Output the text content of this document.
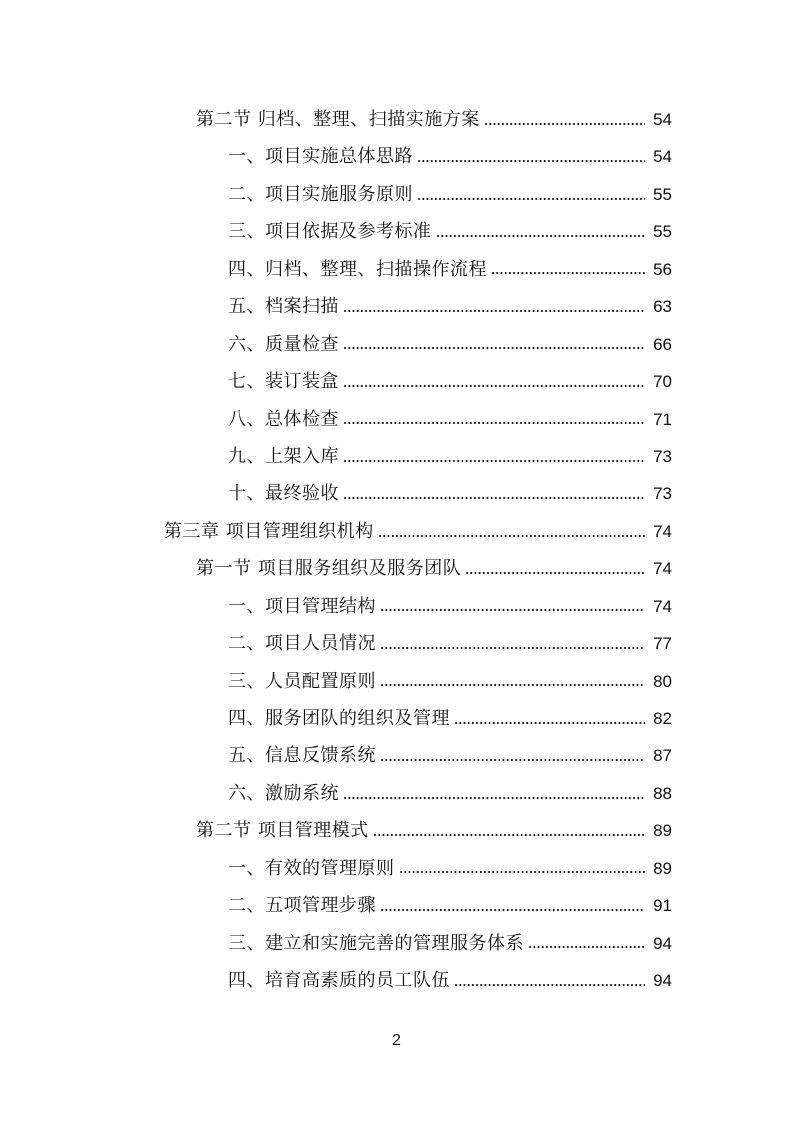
第二节 归档、整理、扫描实施方案	54
一、项目实施总体思路	54
二、项目实施服务原则	55
三、项目依据及参考标准	55
四、归档、整理、扫描操作流程	56
五、档案扫描	63
六、质量检查	66
七、装订装盒	70
八、总体检查	71
九、上架入库	73
十、最终验收	73
第三章 项目管理组织机构	74
第一节 项目服务组织及服务团队	74
一、项目管理结构	74
二、项目人员情况	77
三、人员配置原则	80
四、服务团队的组织及管理	82
五、信息反馈系统	87
六、激励系统	88
第二节 项目管理模式	89
一、有效的管理原则	89
二、五项管理步骤	91
三、建立和实施完善的管理服务体系	94
四、培育高素质的员工队伍	94
2
